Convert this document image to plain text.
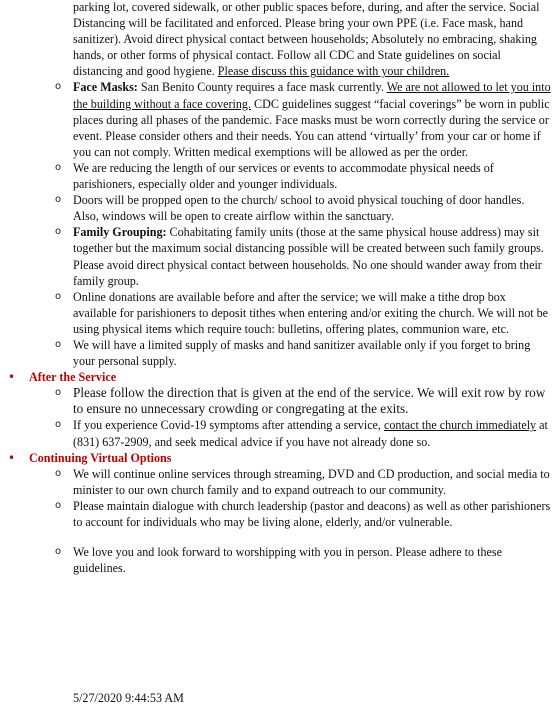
parking lot, covered sidewalk, or other public spaces before, during, and after the service. Social Distancing will be facilitated and enforced. Please bring your own PPE (i.e. Face mask, hand sanitizer). Avoid direct physical contact between households; Absolutely no embracing, shaking hands, or other forms of physical contact. Follow all CDC and State guidelines on social distancing and good hygiene. Please discuss this guidance with your children.
o Face Masks: San Benito County requires a face mask currently. We are not allowed to let you into the building without a face covering. CDC guidelines suggest “facial coverings” be worn in public places during all phases of the pandemic. Face masks must be worn correctly during the service or event. Please consider others and their needs. You can attend ‘virtually’ from your car or home if you can not comply. Written medical exemptions will be allowed as per the order.
o We are reducing the length of our services or events to accommodate physical needs of parishioners, especially older and younger individuals.
o Doors will be propped open to the church/ school to avoid physical touching of door handles. Also, windows will be open to create airflow within the sanctuary.
o Family Grouping: Cohabitating family units (those at the same physical house address) may sit together but the maximum social distancing possible will be created between such family groups. Please avoid direct physical contact between households. No one should wander away from their family group.
o Online donations are available before and after the service; we will make a tithe drop box available for parishioners to deposit tithes when entering and/or exiting the church. We will not be using physical items which require touch: bulletins, offering plates, communion ware, etc.
o We will have a limited supply of masks and hand sanitizer available only if you forget to bring your personal supply.
• After the Service
o Please follow the direction that is given at the end of the service. We will exit row by row to ensure no unnecessary crowding or congregating at the exits.
o If you experience Covid-19 symptoms after attending a service, contact the church immediately at (831) 637-2909, and seek medical advice if you have not already done so.
• Continuing Virtual Options
o We will continue online services through streaming, DVD and CD production, and social media to minister to our own church family and to expand outreach to our community.
o Please maintain dialogue with church leadership (pastor and deacons) as well as other parishioners to account for individuals who may be living alone, elderly, and/or vulnerable.
o We love you and look forward to worshipping with you in person. Please adhere to these guidelines.
5/27/2020 9:44:53 AM
